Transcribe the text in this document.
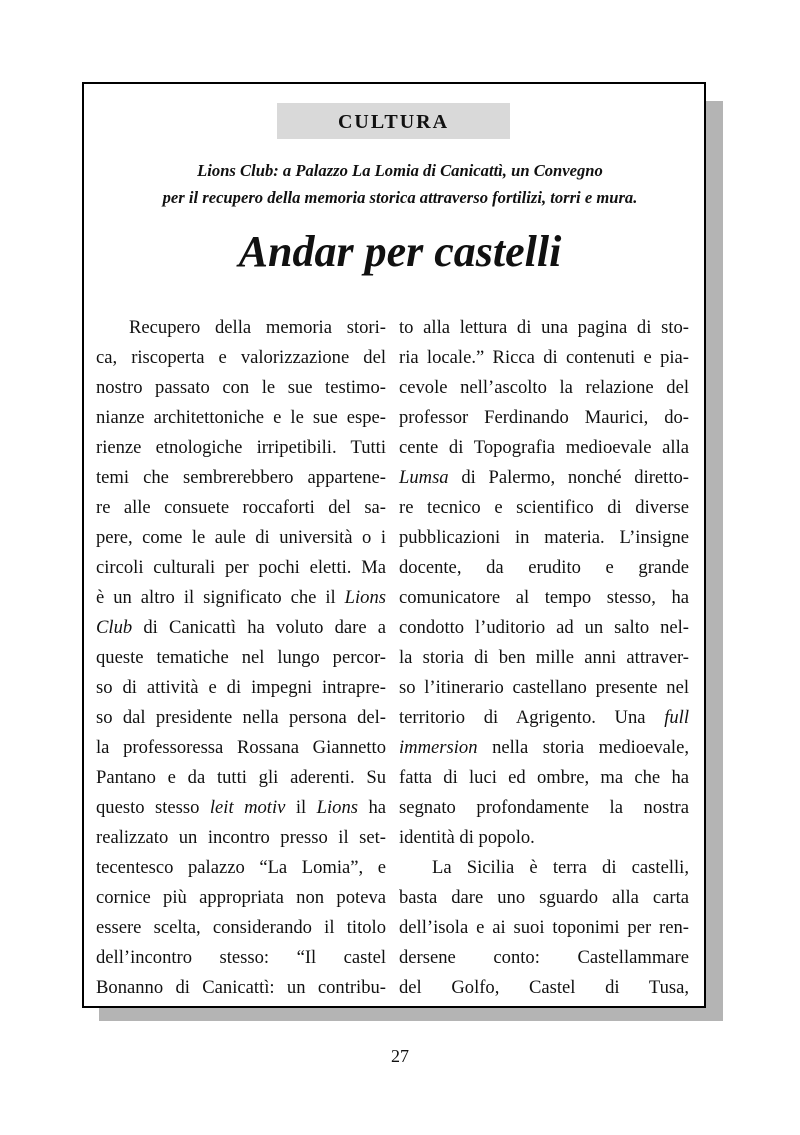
CULTURA
Lions Club: a Palazzo La Lomia di Canicattì, un Convegno
per il recupero della memoria storica attraverso fortilizi, torri e mura.
Andar per castelli
Recupero della memoria stori-
ca, riscoperta e valorizzazione del
nostro passato con le sue testimo-
nianze architettoniche e le sue espe-
rienze etnologiche irripetibili. Tutti
temi che sembrerebbero appartene-
re alle consuete roccaforti del sa-
pere, come le aule di università o i
circoli culturali per pochi eletti. Ma
è un altro il significato che il Lions
Club di Canicattì ha voluto dare a
queste tematiche nel lungo percor-
so di attività e di impegni intrapre-
so dal presidente nella persona del-
la professoressa Rossana Giannetto
Pantano e da tutti gli aderenti. Su
questo stesso leit motiv il Lions ha
realizzato un incontro presso il set-
tecentesco palazzo “La Lomia”, e
cornice più appropriata non poteva
essere scelta, considerando il titolo
dell’incontro stesso: “Il castel
Bonanno di Canicattì: un contribu-
to alla lettura di una pagina di sto-
ria locale.” Ricca di contenuti e pia-
cevole nell’ascolto la relazione del
professor Ferdinando Maurici, do-
cente di Topografia medioevale alla
Lumsa di Palermo, nonché diretto-
re tecnico e scientifico di diverse
pubblicazioni in materia. L’insigne
docente, da erudito e grande
comunicatore al tempo stesso, ha
condotto l’uditorio ad un salto nel-
la storia di ben mille anni attraver-
so l’itinerario castellano presente nel
territorio di Agrigento. Una full
immersion nella storia medioevale,
fatta di luci ed ombre, ma che ha
segnato profondamente la nostra
identità di popolo.
La Sicilia è terra di castelli,
basta dare uno sguardo alla carta
dell’isola e ai suoi toponimi per ren-
dersene conto: Castellammare
del Golfo, Castel di Tusa,
27
